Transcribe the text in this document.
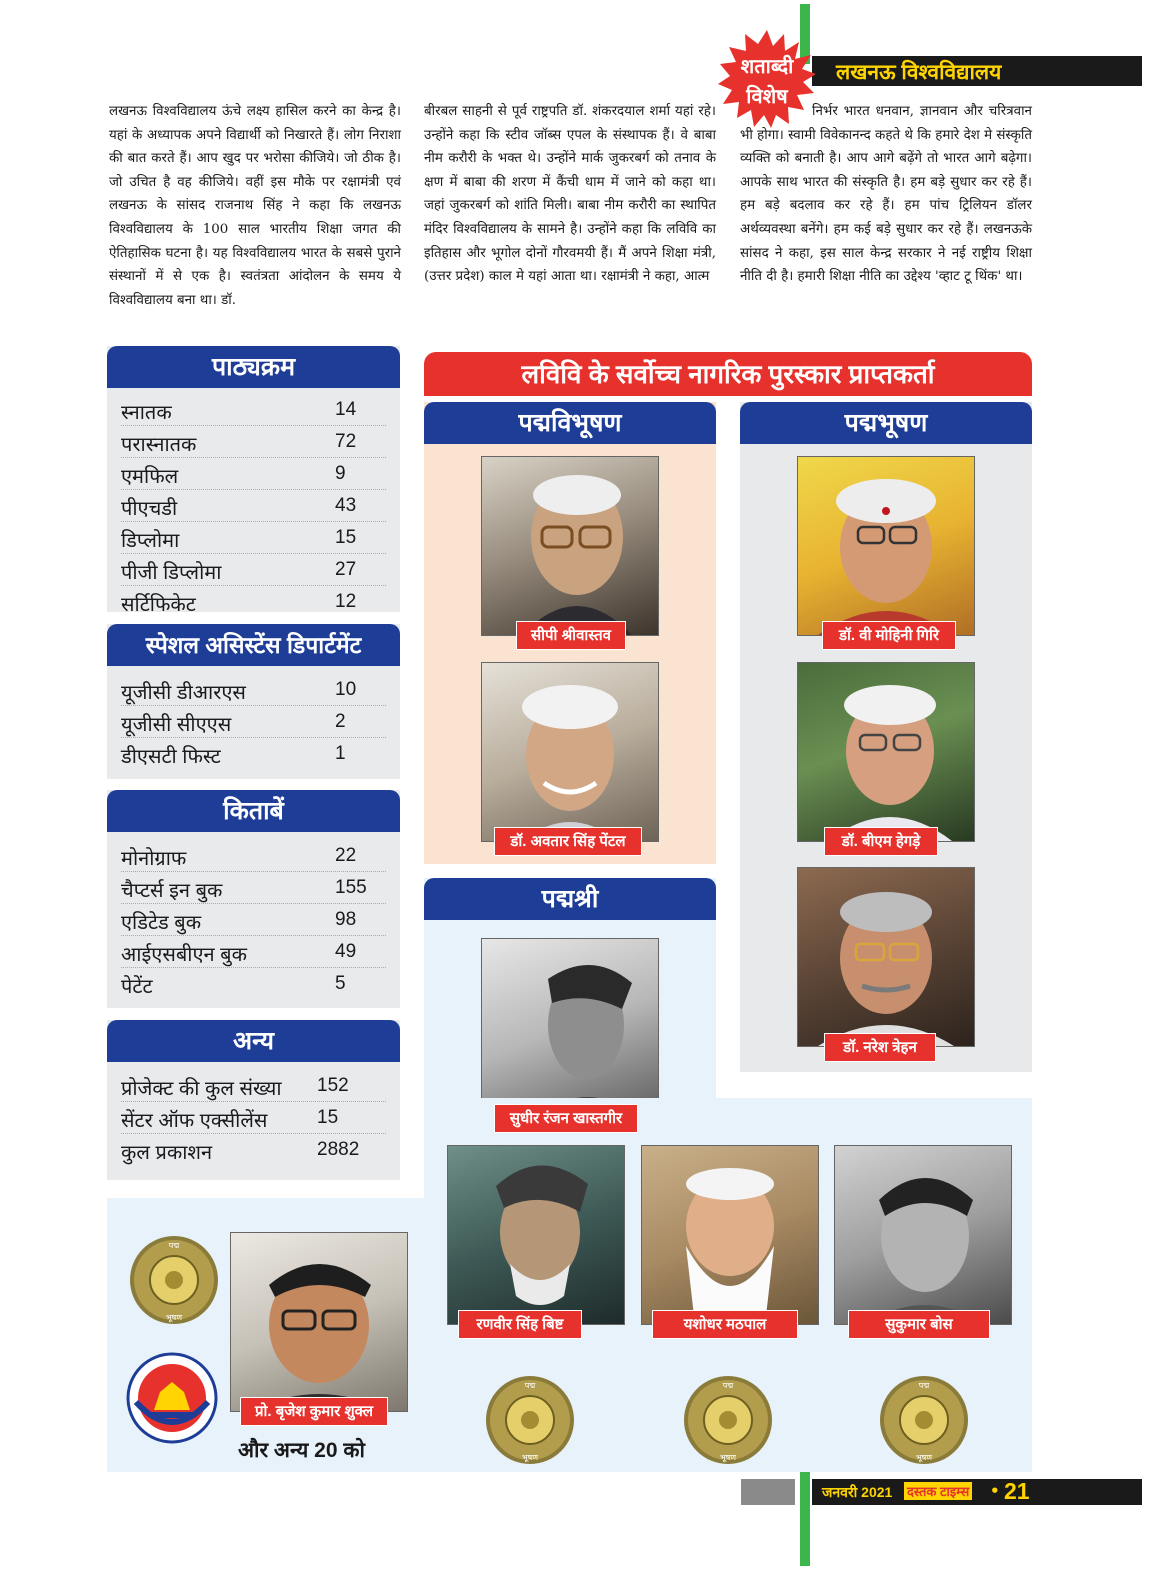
लखनऊ विश्वविद्यालय
शताब्दी
विशेष
लखनऊ विश्वविद्यालय ऊंचे लक्ष्य हासिल करने का केन्द्र है। यहां के अध्यापक अपने विद्यार्थी को निखारते हैं। लोग निराशा की बात करते हैं। आप खुद पर भरोसा कीजिये। जो ठीक है। जो उचित है वह कीजिये। वहीं इस मौके पर रक्षामंत्री एवं लखनऊ के सांसद राजनाथ सिंह ने कहा कि लखनऊ विश्वविद्यालय के 100 साल भारतीय शिक्षा जगत की ऐतिहासिक घटना है। यह विश्वविद्यालय भारत के सबसे पुराने संस्थानों में से एक है। स्वतंत्रता आंदोलन के समय ये विश्वविद्यालय बना था। डॉ.
बीरबल साहनी से पूर्व राष्ट्रपति डॉ. शंकरदयाल शर्मा यहां रहे। उन्होंने कहा कि स्टीव जॉब्स एपल के संस्थापक हैं। वे बाबा नीम करौरी के भक्त थे। उन्होंने मार्क जुकरबर्ग को तनाव के क्षण में बाबा की शरण में कैंची धाम में जाने को कहा था। जहां जुकरबर्ग को शांति मिली। बाबा नीम करौरी का स्थापित मंदिर विश्वविद्यालय के सामने है। उन्होंने कहा कि लविवि का इतिहास और भूगोल दोनों गौरवमयी हैं। मैं अपने शिक्षा मंत्री, (उत्तर प्रदेश) काल मे यहां आता था। रक्षामंत्री ने कहा, आत्म
निर्भर भारत धनवान, ज्ञानवान और चरित्रवान भी होगा। स्वामी विवेकानन्द कहते थे कि हमारे देश मे संस्कृति व्यक्ति को बनाती है। आप आगे बढ़ेंगे तो भारत आगे बढ़ेगा। आपके साथ भारत की संस्कृति है। हम बड़े सुधार कर रहे हैं। हम बड़े बदलाव कर रहे हैं। हम पांच ट्रिलियन डॉलर अर्थव्यवस्था बनेंगे। हम कई बड़े सुधार कर रहे हैं। लखनऊके सांसद ने कहा, इस साल केन्द्र सरकार ने नई राष्ट्रीय शिक्षा नीति दी है। हमारी शिक्षा नीति का उद्देश्य 'व्हाट टू थिंक' था।
पाठ्यक्रम
स्नातक	14
परास्नातक	72
एमफिल	9
पीएचडी	43
डिप्लोमा	15
पीजी डिप्लोमा	27
सर्टिफिकेट	12
स्पेशल असिस्टेंस डिपार्टमेंट
यूजीसी डीआरएस	10
यूजीसी सीएएस	2
डीएसटी फिस्ट	1
किताबें
मोनोग्राफ	22
चैप्टर्स इन बुक	155
एडिटेड बुक	98
आईएसबीएन बुक	49
पेटेंट	5
अन्य
प्रोजेक्ट की कुल संख्या 152
सेंटर ऑफ एक्सीलेंस	15
कुल प्रकाशन	2882
लविवि के सर्वोच्च नागरिक पुरस्कार प्राप्तकर्ता
पद्मविभूषण
सीपी श्रीवास्तव
डॉ. अवतार सिंह पेंटल
पद्मभूषण
डॉ. वी मोहिनी गिरि
डॉ. बीएम हेगड़े
डॉ. नरेश त्रेहन
पद्मश्री
सुधीर रंजन खास्तगीर
रणवीर सिंह बिष्ट	यशोधर मठपाल	सुकुमार बोस
पद्म
भूषण
पद्म
भूषण
पद्म
भूषण
पद्म
भूषण
प्रो. बृजेश कुमार शुक्ल
और अन्य 20 को
जनवरी 2021 दस्तक टाइम्स • 21
